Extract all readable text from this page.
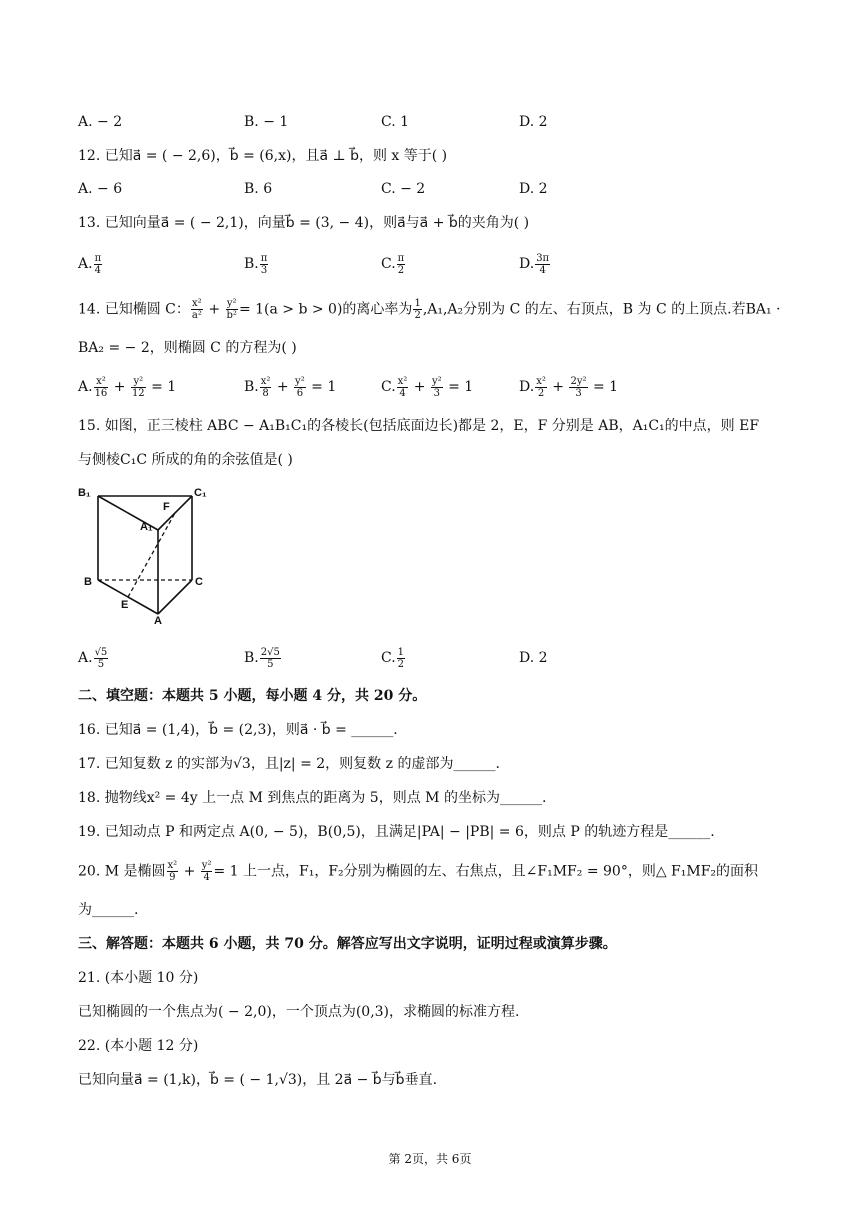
A. − 2	B. − 1	C. 1	D. 2
12. 已知a⃗ = ( − 2,6)，b⃗ = (6,x)，且a⃗ ⊥ b⃗，则 x 等于( )
A. − 6	B. 6	C. − 2	D. 2
13. 已知向量a⃗ = ( − 2,1)，向量b⃗ = (3, − 4)，则a⃗与a⃗ + b⃗的夹角为( )
A. $\frac{\pi}{4}$	B. $\frac{\pi}{3}$	C. $\frac{\pi}{2}$	D. $\frac{3\pi}{4}$
14. 已知椭圆 C： $\frac{\text{x²}}{\text{a²}} + \frac{\text{y²}}{\text{b²}} = 1(a > b > 0)$的离心率为 $\frac{1}{2} ,A_1,A_2$分别为 C 的左、右顶点，B 为 C 的上顶点.若BA₁ ·
BA₂ = − 2，则椭圆 C 的方程为( )
A. $\frac{\text{x²}}{16} + \frac{\text{y²}}{12} = 1$	B. $\frac{\text{x²}}{8} + \frac{\text{y²}}{6} = 1$	C. $\frac{\text{x²}}{4} + \frac{\text{y²}}{3} = 1$	D. $\frac{\text{x²}}{2} + \frac{\text{2y²}}{3} = 1$
15. 如图，正三棱柱 ABC − A₁B₁C₁的各棱长(包括底面边长)都是 2，E，F 分别是 AB，A₁C₁的中点，则 EF
与侧棱C₁C 所成的角的余弦值是( )
B₁	C₁
F
A₁
B	C
E
A
A. $\frac{√5}{5}$	B. $\frac{2√5}{5}$	C. $\frac{1}{2}$	D. 2
二、填空题：本题共 5 小题，每小题 4 分，共 20 分。
16. 已知a⃗ = (1,4)，b⃗ = (2,3)，则a⃗ · b⃗ = ______.
17. 已知复数 z 的实部为√3，且|z| = 2，则复数 z 的虚部为______.
18. 抛物线x² = 4y 上一点 M 到焦点的距离为 5，则点 M 的坐标为______.
19. 已知动点 P 和两定点 A(0, − 5)，B(0,5)，且满足|PA| − |PB| = 6，则点 P 的轨迹方程是______.
20. M 是椭圆 $\frac{\text{x²}}{9} + \frac{\text{y²}}{4} = 1$ 上一点，F₁，F₂分别为椭圆的左、右焦点，且∠F₁MF₂ = 90°，则△ F₁MF₂的面积
为______.
三、解答题：本题共 6 小题，共 70 分。解答应写出文字说明，证明过程或演算步骤。
21. (本小题 10 分)
已知椭圆的一个焦点为( − 2,0)，一个顶点为(0,3)，求椭圆的标准方程.
22. (本小题 12 分)
已知向量a⃗ = (1,k)，b⃗ = ( − 1,√3)，且 2a⃗ − b⃗与b⃗垂直.
第 2页，共 6页
